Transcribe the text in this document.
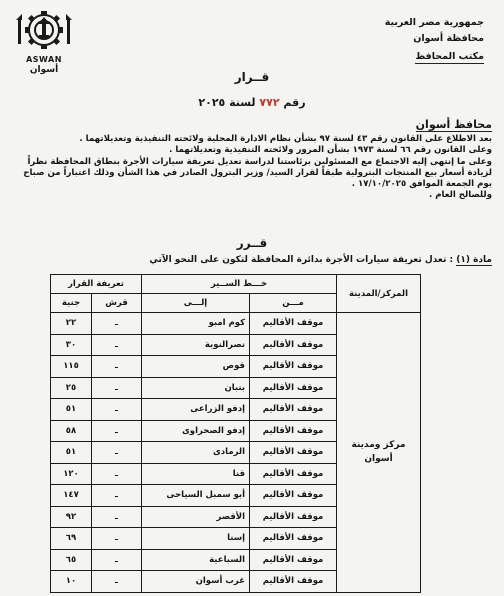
ASWAN
أسوان
جمهورية مصر العربية
محافظة أسوان
مكتب المحافظ
قــرار
رقم ٧٧٢ لسنة ٢٠٢٥
محافظ أسوان

بعد الاطلاع على القانون رقم ٤٣ لسنة ٩٧ بشأن نظام الادارة المحلية ولائحته التنفيذية وتعديلاتهما .

وعلى القانون رقم ٦٦ لسنة ١٩٧٣ بشأن المرور ولائحته التنفيذية وتعديلاتهما .

وعلى ما إنتهى إليه الاجتماع مع المسئولين برئاستنا لدراسة تعديل تعريفة سيارات الأجرة بنطاق المحافظة نظراً لزيادة أسعار بيع المنتجات البترولية طبقاً لقرار السيد/ وزير البترول الصادر في هذا الشأن وذلك اعتباراً من صباح يوم الجمعة الموافق ١٧/١٠/٢٠٢٥ .

وللصالح العام .

قــرر
مادة (١) : تعدل تعريفة سيارات الأجرة بدائرة المحافظة لتكون على النحو الآتي
المركز/المدينة	خـــط الســير		تعريفة القرار	
	مـــن	إلـــى	قرش	جنية
مركز ومدينة أسوان	موقف الأقاليم	كوم امبو	ـ	٢٢
	موقف الأقاليم	نصرالنوبة	ـ	٣٠
	موقف الأقاليم	قوص	ـ	١١٥
	موقف الأقاليم	بنبان	ـ	٢٥
	موقف الأقاليم	إدفو الزراعى	ـ	٥١
	موقف الأقاليم	إدفو الصحراوى	ـ	٥٨
	موقف الأقاليم	الرمادى	ـ	٥١
	موقف الأقاليم	قنا	ـ	١٢٠
	موقف الأقاليم	أبو سمبل السياحى	ـ	١٤٧
	موقف الأقاليم	الأقصر	ـ	٩٢
	موقف الأقاليم	إسنا	ـ	٦٩
	موقف الأقاليم	السباعية	ـ	٦٥
	موقف الأقاليم	غرب أسوان	ـ	١٠
